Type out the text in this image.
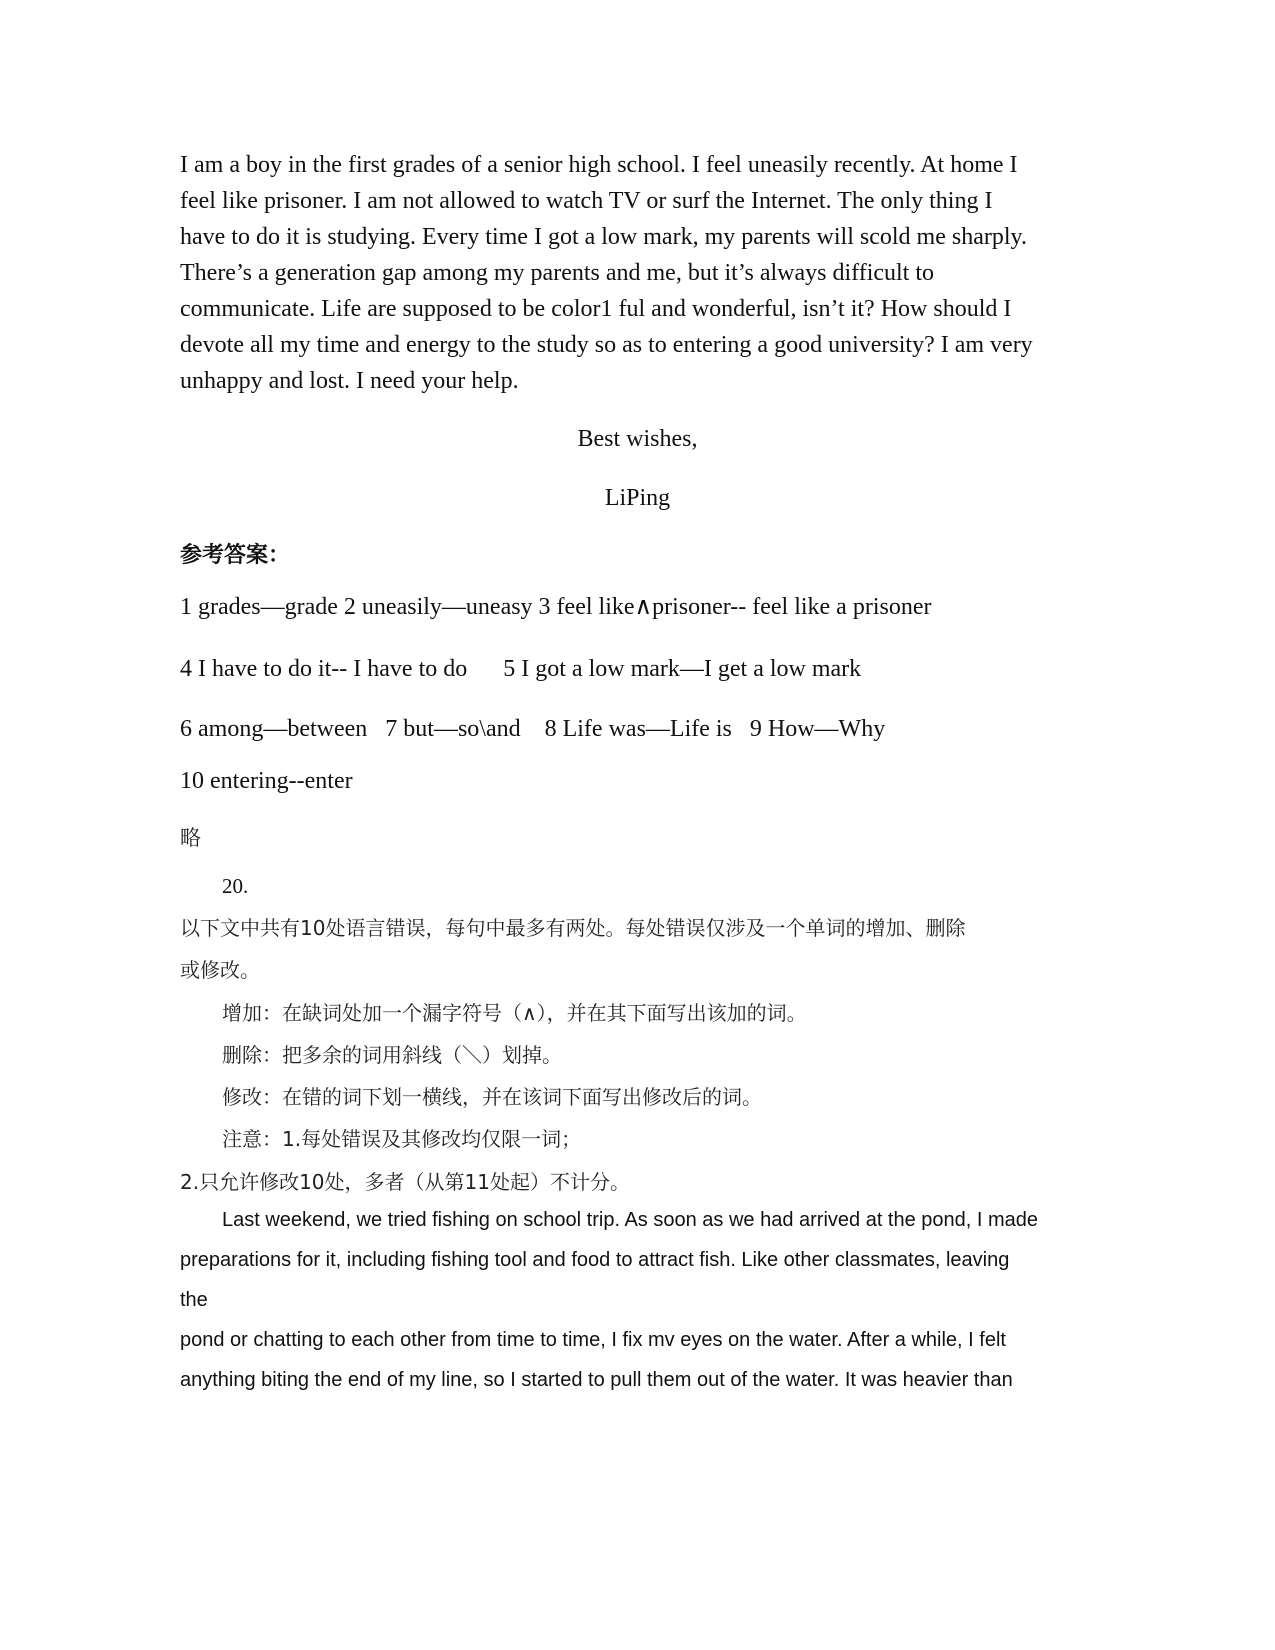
I am a boy in the first grades of a senior high school. I feel uneasily recently. At home I
feel like prisoner. I am not allowed to watch TV or surf the Internet. The only thing I
have to do it is studying. Every time I got a low mark, my parents will scold me sharply.
There’s a generation gap among my parents and me, but it’s always difficult to
communicate. Life are supposed to be color1 ful and wonderful, isn’t it? How should I
devote all my time and energy to the study so as to entering a good university? I am very
unhappy and lost. I need your help.
Best wishes,
LiPing
参考答案：
1 grades—grade 2 uneasily—uneasy 3 feel like∧prisoner-- feel like a prisoner
4 I have to do it-- I have to do      5 I got a low mark—I get a low mark
6 among—between   7 but—so\and    8 Life was—Life is   9 How—Why
10 entering--enter
略
20.
以下文中共有10处语言错误，每句中最多有两处。每处错误仅涉及一个单词的增加、删除
或修改。
增加：在缺词处加一个漏字符号（∧），并在其下面写出该加的词。
删除：把多余的词用斜线（＼）划掉。
修改：在错的词下划一横线，并在该词下面写出修改后的词。
注意：1.每处错误及其修改均仅限一词；
2.只允许修改10处，多者（从第11处起）不计分。
Last weekend, we tried fishing on school trip. As soon as we had arrived at the pond, I made
preparations for it, including fishing tool and food to attract fish. Like other classmates, leaving
the
pond or chatting to each other from time to time, I fix mv eyes on the water. After a while, I felt
anything biting the end of my line, so I started to pull them out of the water. It was heavier than
